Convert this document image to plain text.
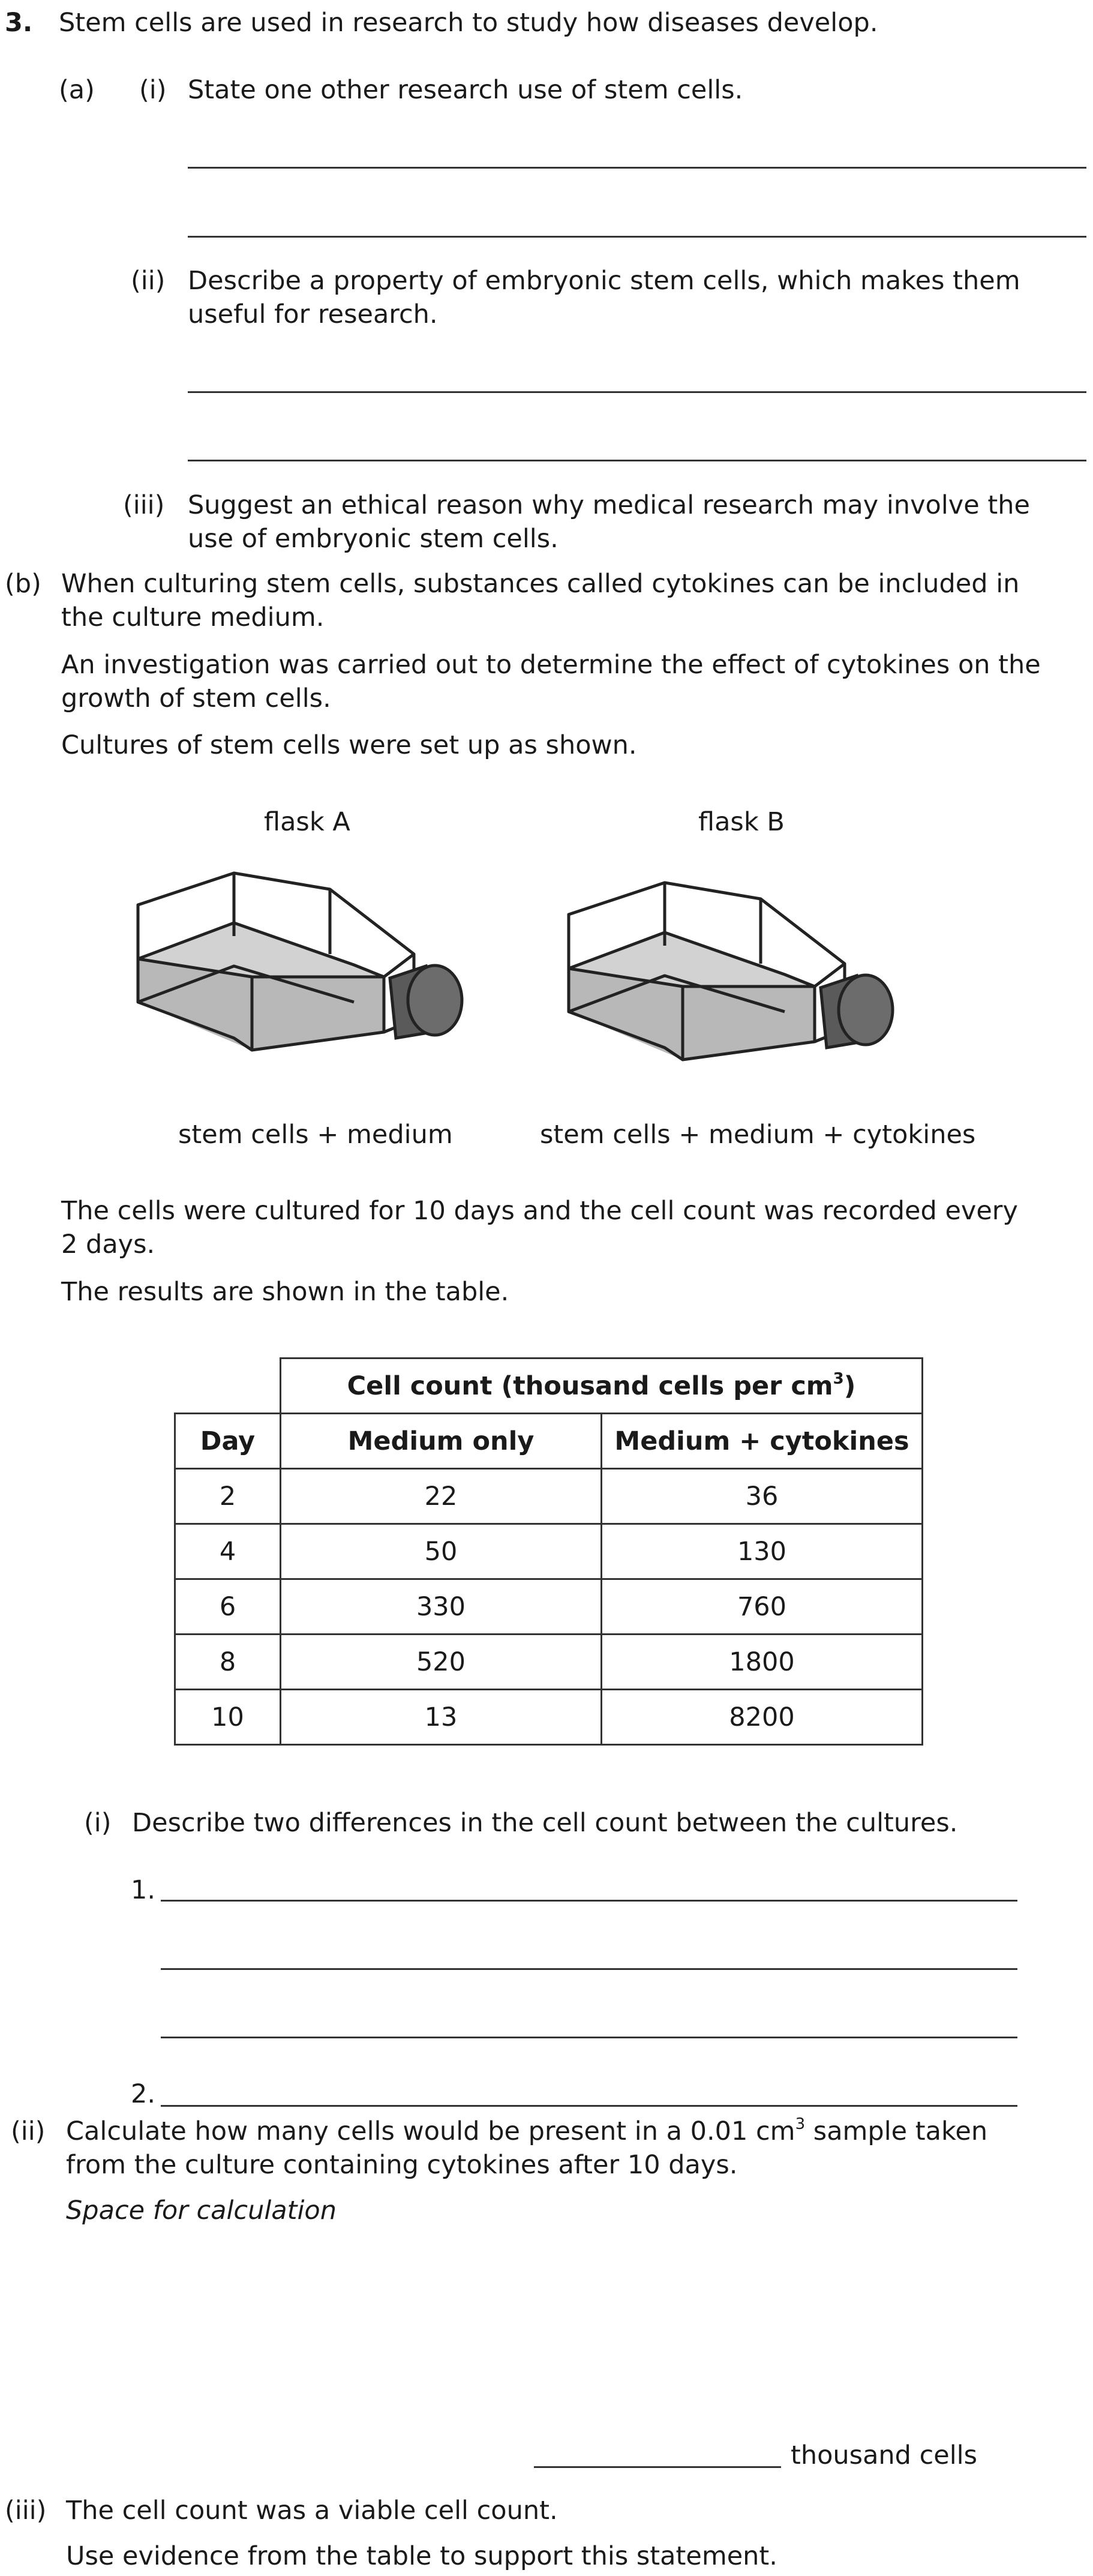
3. Stem cells are used in research to study how diseases develop.
(a) (i) State one other research use of stem cells.
(ii) Describe a property of embryonic stem cells, which makes them useful for research.
(iii) Suggest an ethical reason why medical research may involve the use of embryonic stem cells.
(b) When culturing stem cells, substances called cytokines can be included in the culture medium.
An investigation was carried out to determine the effect of cytokines on the growth of stem cells.
Cultures of stem cells were set up as shown.
flask A	flask B
stem cells + medium	stem cells + medium + cytokines
The cells were cultured for 10 days and the cell count was recorded every 2 days.
The results are shown in the table.
	Cell count (thousand cells per $cm^3$)	
Day	Medium only	Medium + cytokines
2	22	36
4	50	130
6	330	760
8	520	1800
10	13	8200
(i) Describe two differences in the cell count between the cultures.
1.
2.
(ii) Calculate how many cells would be present in a 0.01 $cm^3$ sample taken
from the culture containing cytokines after 10 days.
Space for calculation
thousand cells
(iii) The cell count was a viable cell count.
Use evidence from the table to support this statement.
